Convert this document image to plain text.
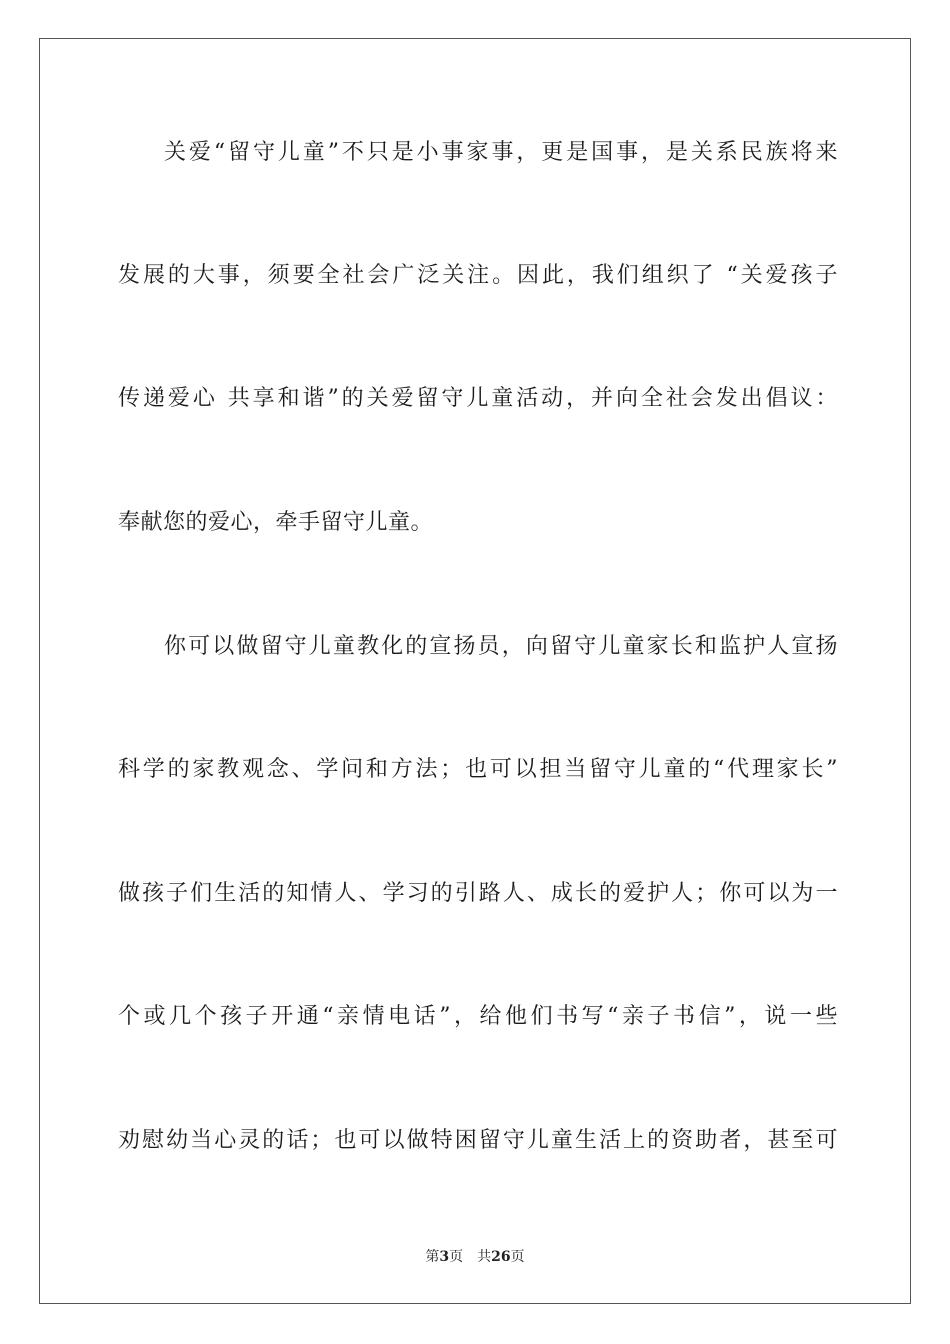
关爱“留守儿童”不只是小事家事，更是国事，是关系民族将来
发展的大事，须要全社会广泛关注。因此，我们组织了 “关爱孩子
传递爱心 共享和谐”的关爱留守儿童活动，并向全社会发出倡议：
奉献您的爱心，牵手留守儿童。
你可以做留守儿童教化的宣扬员，向留守儿童家长和监护人宣扬
科学的家教观念、学问和方法；也可以担当留守儿童的“代理家长”
做孩子们生活的知情人、学习的引路人、成长的爱护人；你可以为一
个或几个孩子开通“亲情电话”，给他们书写“亲子书信”，说一些
劝慰幼当心灵的话；也可以做特困留守儿童生活上的资助者，甚至可
第3页 共26页
